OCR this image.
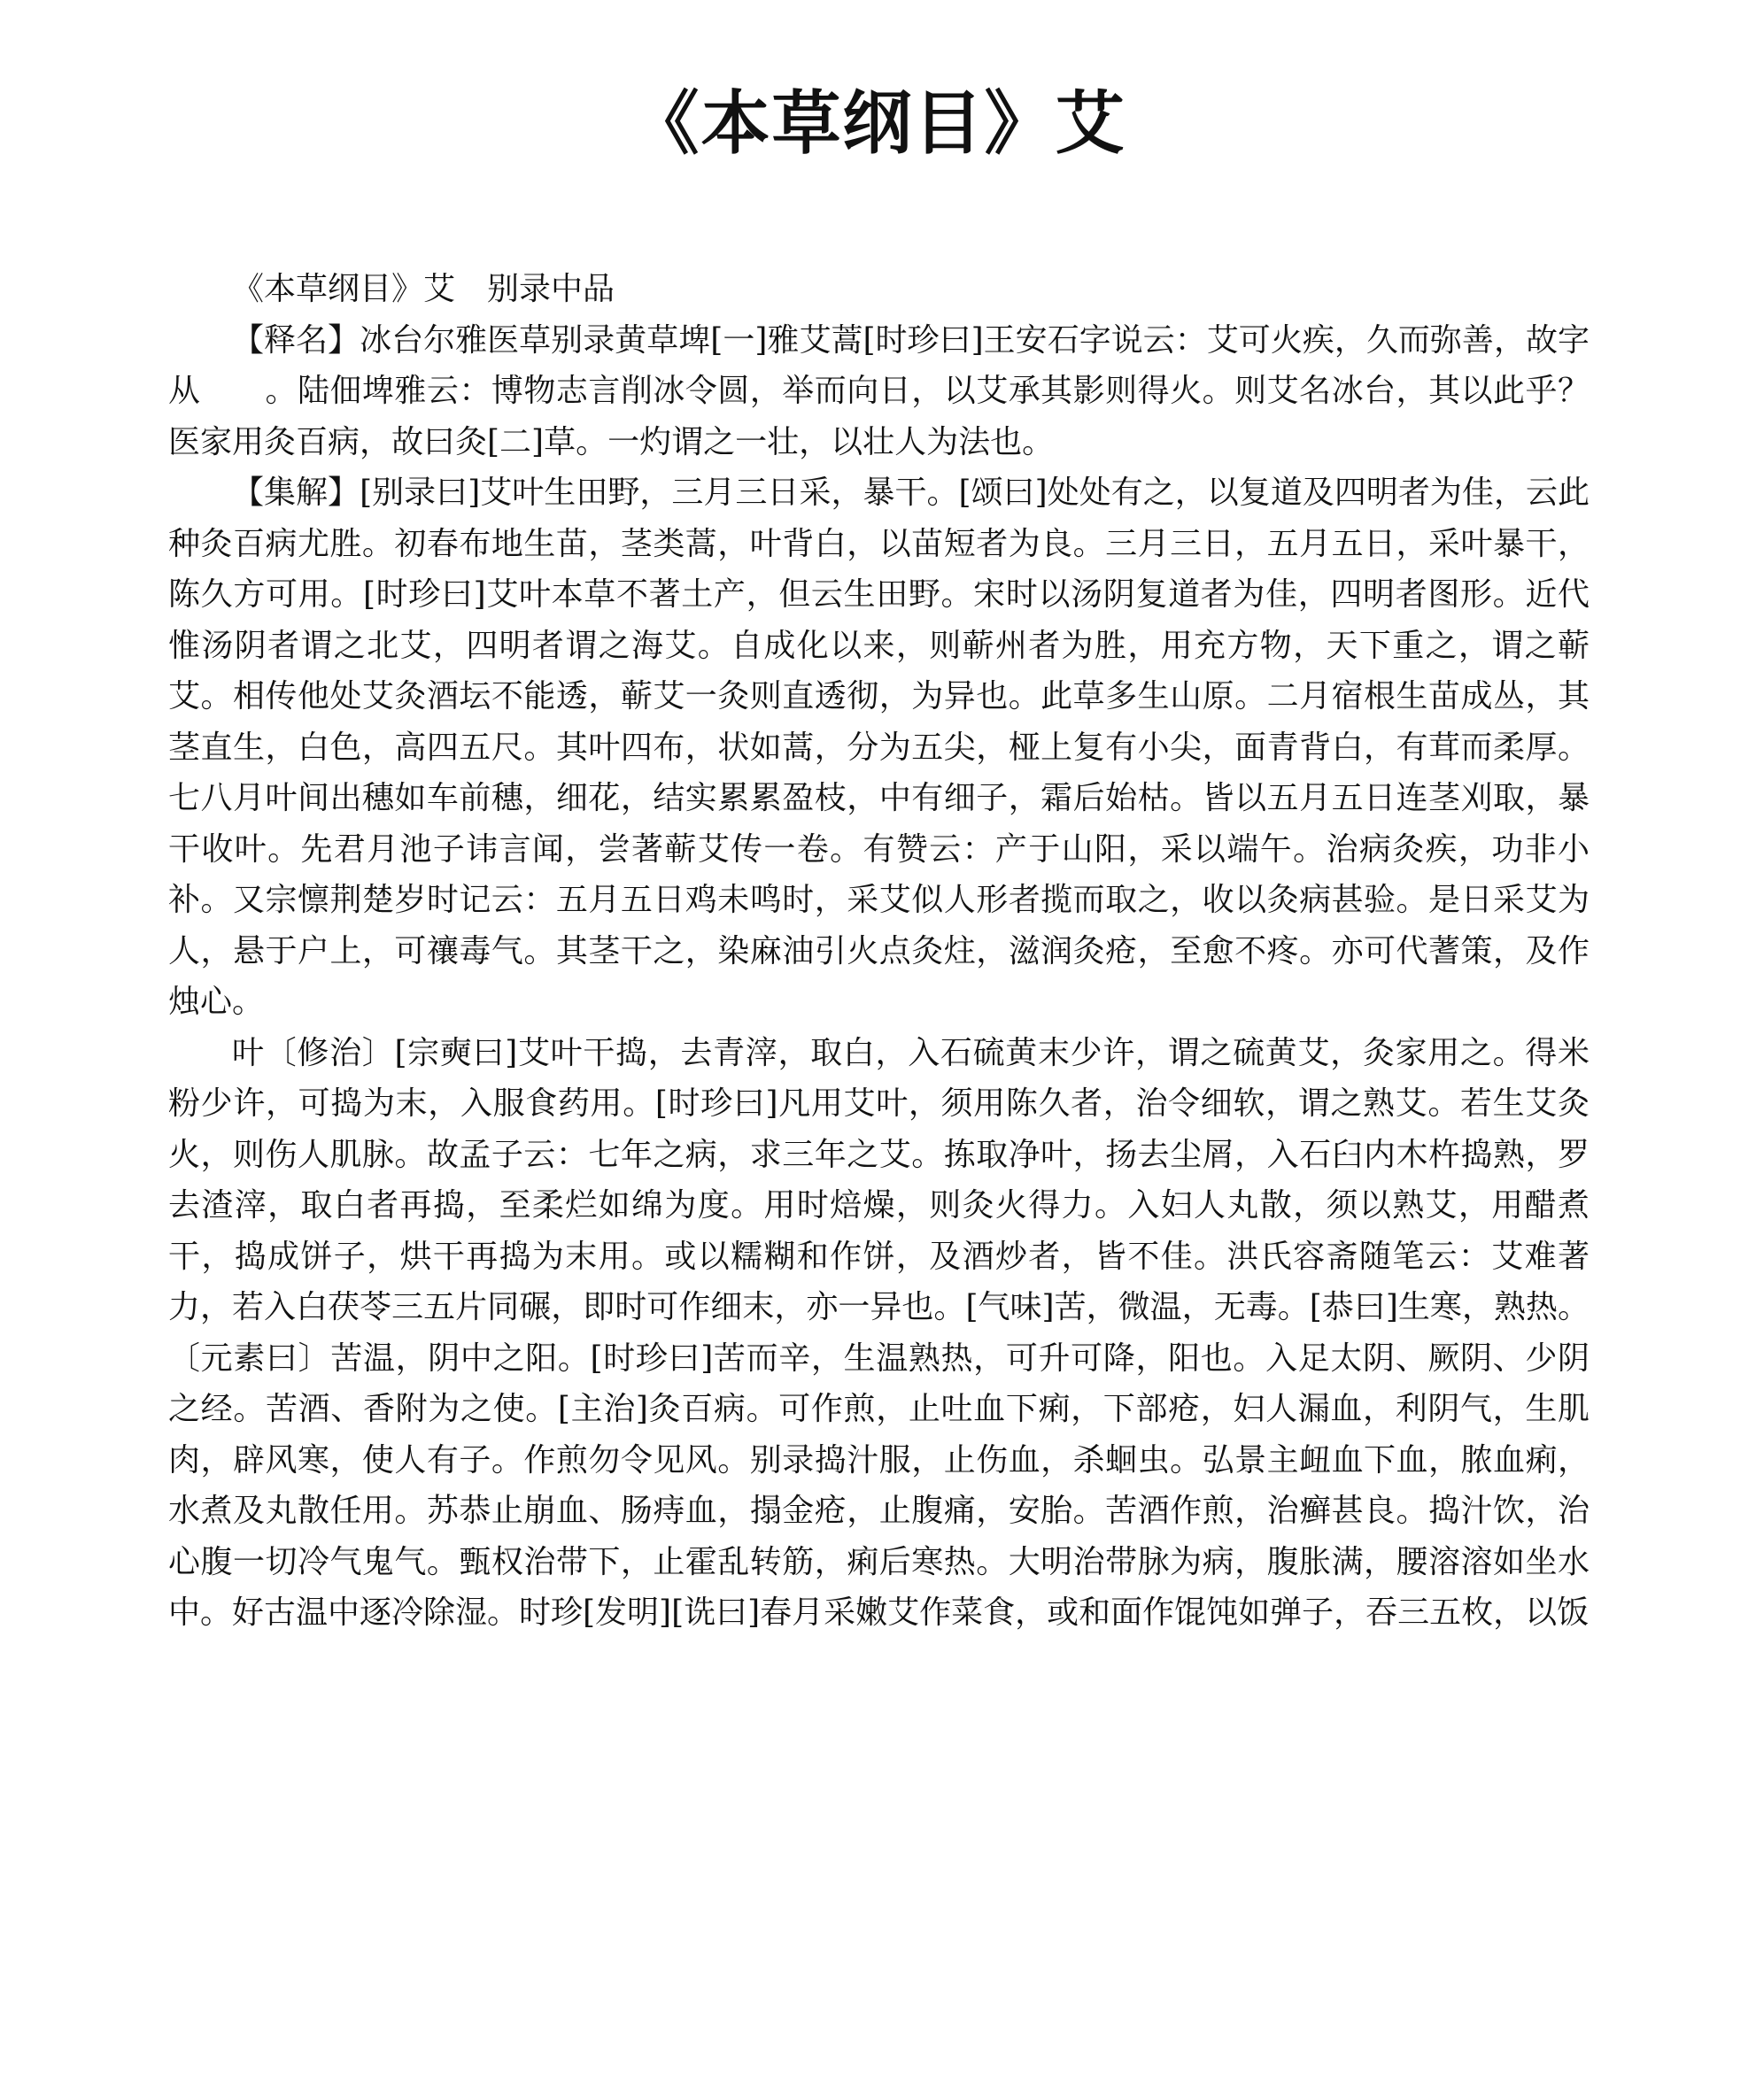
《本草纲目》艾

《本草纲目》艾　别录中品

【释名】冰台尔雅医草别录黄草埤[一]雅艾蒿[时珍曰]王安石字说云：艾可火疾，久而弥善，故字从　　。陆佃埤雅云：博物志言削冰令圆，举而向日，以艾承其影则得火。则艾名冰台，其以此乎？医家用灸百病，故曰灸[二]草。一灼谓之一壮，以壮人为法也。

【集解】[别录曰]艾叶生田野，三月三日采，暴干。[颂曰]处处有之，以复道及四明者为佳，云此种灸百病尤胜。初春布地生苗，茎类蒿，叶背白，以苗短者为良。三月三日，五月五日，采叶暴干，陈久方可用。[时珍曰]艾叶本草不著土产，但云生田野。宋时以汤阴复道者为佳，四明者图形。近代惟汤阴者谓之北艾，四明者谓之海艾。自成化以来，则蕲州者为胜，用充方物，天下重之，谓之蕲艾。相传他处艾灸酒坛不能透，蕲艾一灸则直透彻，为异也。此草多生山原。二月宿根生苗成丛，其茎直生，白色，高四五尺。其叶四布，状如蒿，分为五尖，桠上复有小尖，面青背白，有茸而柔厚。七八月叶间出穗如车前穗，细花，结实累累盈枝，中有细子，霜后始枯。皆以五月五日连茎刈取，暴干收叶。先君月池子讳言闻，尝著蕲艾传一卷。有赞云：产于山阳，采以端午。治病灸疾，功非小补。又宗懔荆楚岁时记云：五月五日鸡未鸣时，采艾似人形者揽而取之，收以灸病甚验。是日采艾为人，悬于户上，可禳毒气。其茎干之，染麻油引火点灸炷，滋润灸疮，至愈不疼。亦可代蓍策，及作烛心。

叶〔修治〕[宗奭曰]艾叶干捣，去青滓，取白，入石硫黄末少许，谓之硫黄艾，灸家用之。得米粉少许，可捣为末，入服食药用。[时珍曰]凡用艾叶，须用陈久者，治令细软，谓之熟艾。若生艾灸火，则伤人肌脉。故孟子云：七年之病，求三年之艾。拣取净叶，扬去尘屑，入石臼内木杵捣熟，罗去渣滓，取白者再捣，至柔烂如绵为度。用时焙燥，则灸火得力。入妇人丸散，须以熟艾，用醋煮干，捣成饼子，烘干再捣为末用。或以糯糊和作饼，及酒炒者，皆不佳。洪氏容斋随笔云：艾难著力，若入白茯苓三五片同碾，即时可作细末，亦一异也。[气味]苦，微温，无毒。[恭曰]生寒，熟热。〔元素曰〕苦温，阴中之阳。[时珍曰]苦而辛，生温熟热，可升可降，阳也。入足太阴、厥阴、少阴之经。苦酒、香附为之使。[主治]灸百病。可作煎，止吐血下痢，下部疮，妇人漏血，利阴气，生肌肉，辟风寒，使人有子。作煎勿令见风。别录捣汁服，止伤血，杀蛔虫。弘景主衄血下血，脓血痢，水煮及丸散任用。苏恭止崩血、肠痔血，搨金疮，止腹痛，安胎。苦酒作煎，治癣甚良。捣汁饮，治心腹一切冷气鬼气。甄权治带下，止霍乱转筋，痢后寒热。大明治带脉为病，腹胀满，腰溶溶如坐水中。好古温中逐冷除湿。时珍[发明][诜曰]春月采嫩艾作菜食，或和面作馄饨如弹子，吞三五枚，以饭
